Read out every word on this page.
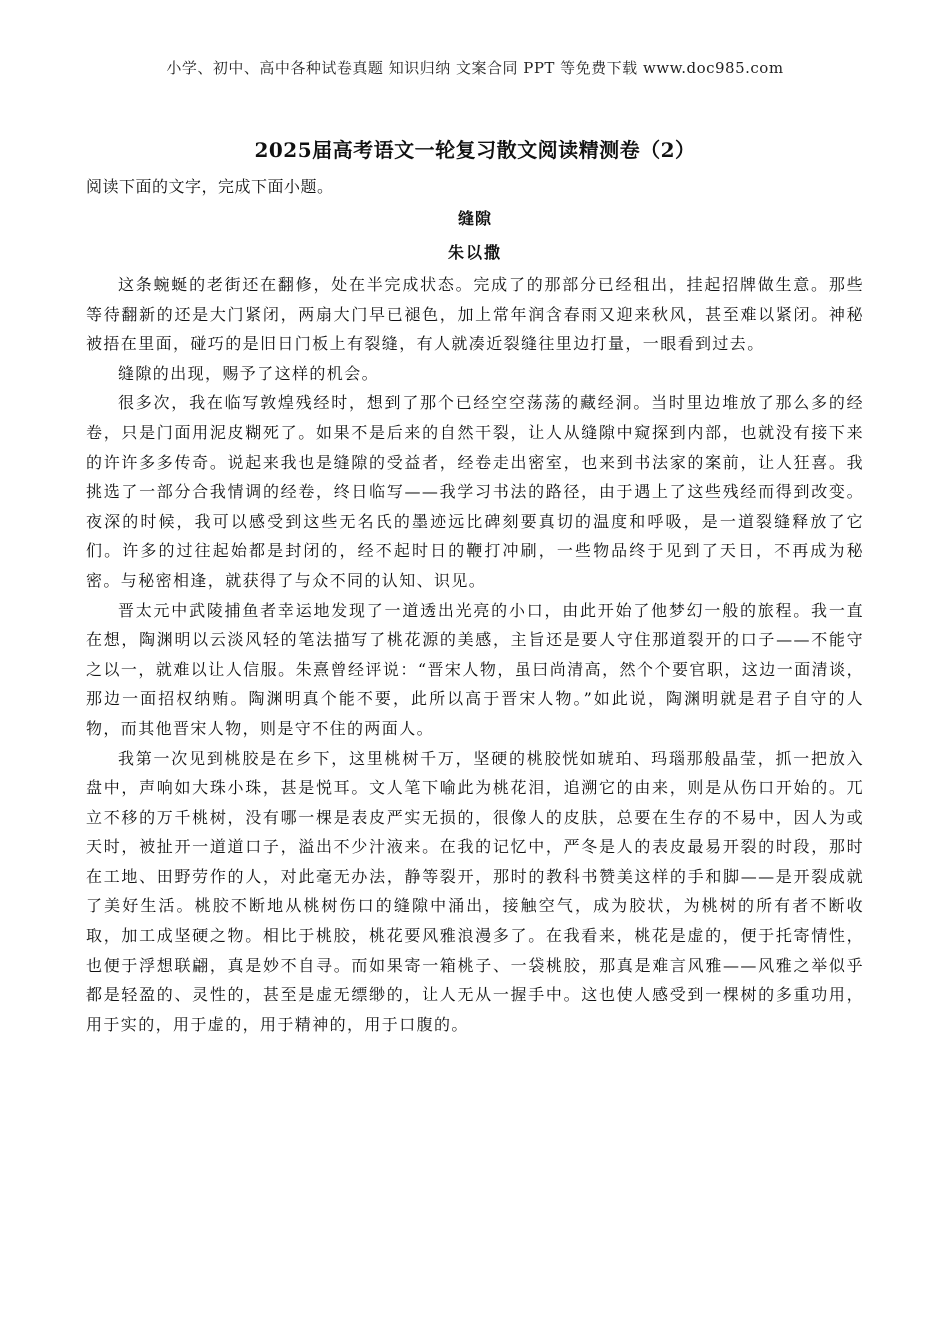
小学、初中、高中各种试卷真题 知识归纳 文案合同 PPT 等免费下载 www.doc985.com
2025届高考语文一轮复习散文阅读精测卷（2）
阅读下面的文字，完成下面小题。
缝隙
朱以撒

这条蜿蜒的老街还在翻修，处在半完成状态。完成了的那部分已经租出，挂起招牌做生意。那些等待翻新的还是大门紧闭，两扇大门早已褪色，加上常年润含春雨又迎来秋风，甚至难以紧闭。神秘被捂在里面，碰巧的是旧日门板上有裂缝，有人就凑近裂缝往里边打量，一眼看到过去。

缝隙的出现，赐予了这样的机会。

很多次，我在临写敦煌残经时，想到了那个已经空空荡荡的藏经洞。当时里边堆放了那么多的经卷，只是门面用泥皮糊死了。如果不是后来的自然干裂，让人从缝隙中窥探到内部，也就没有接下来的许许多多传奇。说起来我也是缝隙的受益者，经卷走出密室，也来到书法家的案前，让人狂喜。我挑选了一部分合我情调的经卷，终日临写——我学习书法的路径，由于遇上了这些残经而得到改变。夜深的时候，我可以感受到这些无名氏的墨迹远比碑刻要真切的温度和呼吸，是一道裂缝释放了它们。许多的过往起始都是封闭的，经不起时日的鞭打冲刷，一些物品终于见到了天日，不再成为秘密。与秘密相逢，就获得了与众不同的认知、识见。

晋太元中武陵捕鱼者幸运地发现了一道透出光亮的小口，由此开始了他梦幻一般的旅程。我一直在想，陶渊明以云淡风轻的笔法描写了桃花源的美感，主旨还是要人守住那道裂开的口子——不能守之以一，就难以让人信服。朱熹曾经评说：“晋宋人物，虽曰尚清高，然个个要官职，这边一面清谈，那边一面招权纳贿。陶渊明真个能不要，此所以高于晋宋人物。”如此说，陶渊明就是君子自守的人物，而其他晋宋人物，则是守不住的两面人。

我第一次见到桃胶是在乡下，这里桃树千万，坚硬的桃胶恍如琥珀、玛瑙那般晶莹，抓一把放入盘中，声响如大珠小珠，甚是悦耳。文人笔下喻此为桃花泪，追溯它的由来，则是从伤口开始的。兀立不移的万千桃树，没有哪一棵是表皮严实无损的，很像人的皮肤，总要在生存的不易中，因人为或天时，被扯开一道道口子，溢出不少汁液来。在我的记忆中，严冬是人的表皮最易开裂的时段，那时在工地、田野劳作的人，对此毫无办法，静等裂开，那时的教科书赞美这样的手和脚——是开裂成就了美好生活。桃胶不断地从桃树伤口的缝隙中涌出，接触空气，成为胶状，为桃树的所有者不断收取，加工成坚硬之物。相比于桃胶，桃花要风雅浪漫多了。在我看来，桃花是虚的，便于托寄情性，也便于浮想联翩，真是妙不自寻。而如果寄一箱桃子、一袋桃胶，那真是难言风雅——风雅之举似乎都是轻盈的、灵性的，甚至是虚无缥缈的，让人无从一握手中。这也使人感受到一棵树的多重功用，用于实的，用于虚的，用于精神的，用于口腹的。
